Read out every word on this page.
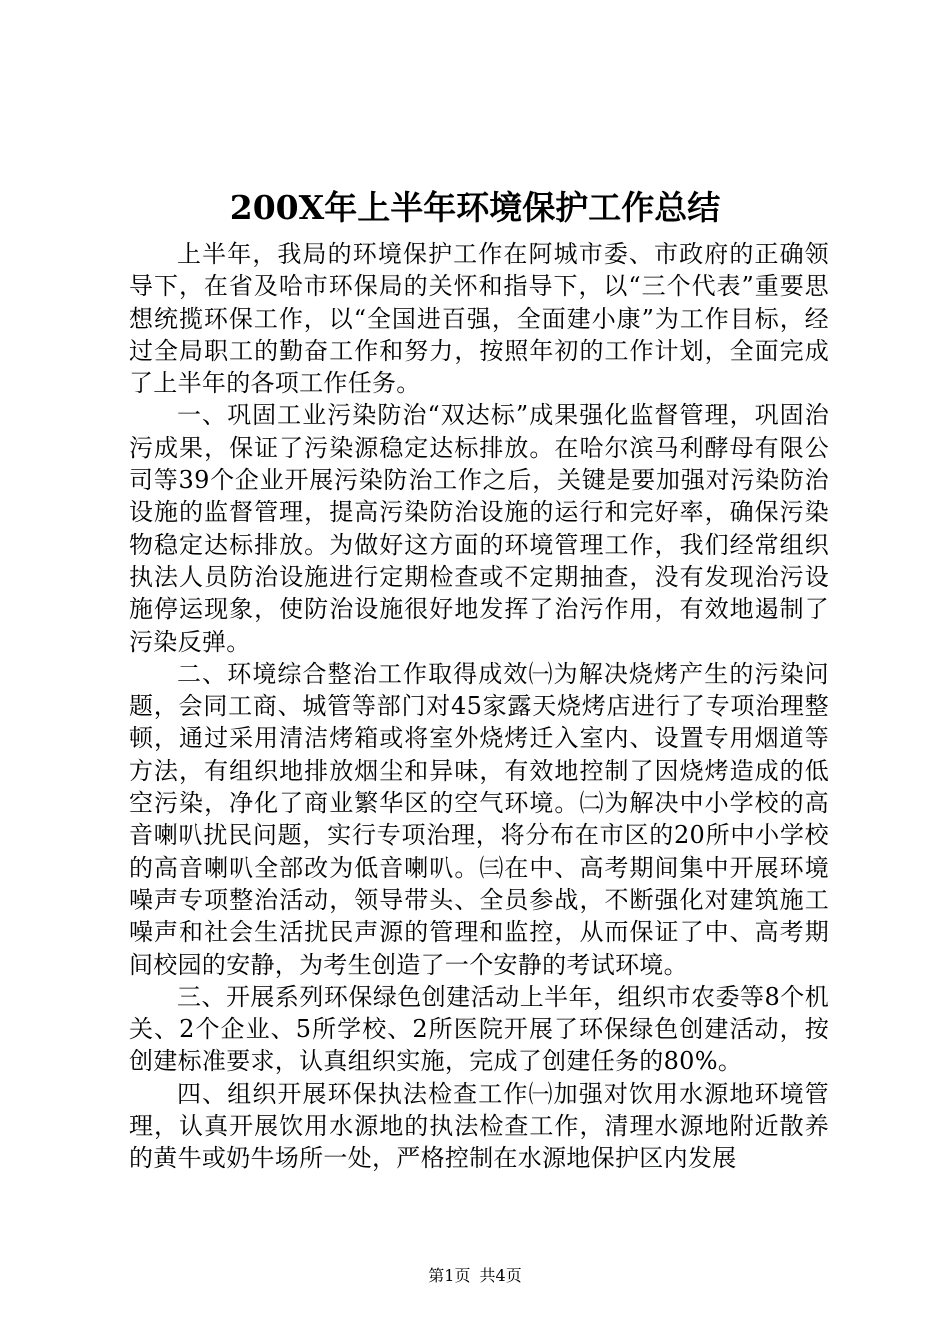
200X年上半年环境保护工作总结

上半年，我局的环境保护工作在阿城市委、市政府的正确领导下，在省及哈市环保局的关怀和指导下，以“三个代表”重要思想统揽环保工作，以“全国进百强，全面建小康”为工作目标，经过全局职工的勤奋工作和努力，按照年初的工作计划，全面完成了上半年的各项工作任务。

一、巩固工业污染防治“双达标”成果强化监督管理，巩固治污成果，保证了污染源稳定达标排放。在哈尔滨马利酵母有限公司等39个企业开展污染防治工作之后，关键是要加强对污染防治设施的监督管理，提高污染防治设施的运行和完好率，确保污染物稳定达标排放。为做好这方面的环境管理工作，我们经常组织执法人员防治设施进行定期检查或不定期抽查，没有发现治污设施停运现象，使防治设施很好地发挥了治污作用，有效地遏制了污染反弹。

二、环境综合整治工作取得成效㈠为解决烧烤产生的污染问题，会同工商、城管等部门对45家露天烧烤店进行了专项治理整顿，通过采用清洁烤箱或将室外烧烤迁入室内、设置专用烟道等方法，有组织地排放烟尘和异味，有效地控制了因烧烤造成的低空污染，净化了商业繁华区的空气环境。㈡为解决中小学校的高音喇叭扰民问题，实行专项治理，将分布在市区的20所中小学校的高音喇叭全部改为低音喇叭。㈢在中、高考期间集中开展环境噪声专项整治活动，领导带头、全员参战，不断强化对建筑施工噪声和社会生活扰民声源的管理和监控，从而保证了中、高考期间校园的安静，为考生创造了一个安静的考试环境。

三、开展系列环保绿色创建活动上半年，组织市农委等8个机关、2个企业、5所学校、2所医院开展了环保绿色创建活动，按创建标准要求，认真组织实施，完成了创建任务的80%。

四、组织开展环保执法检查工作㈠加强对饮用水源地环境管理，认真开展饮用水源地的执法检查工作，清理水源地附近散养的黄牛或奶牛场所一处，严格控制在水源地保护区内发展

第1页 共4页
